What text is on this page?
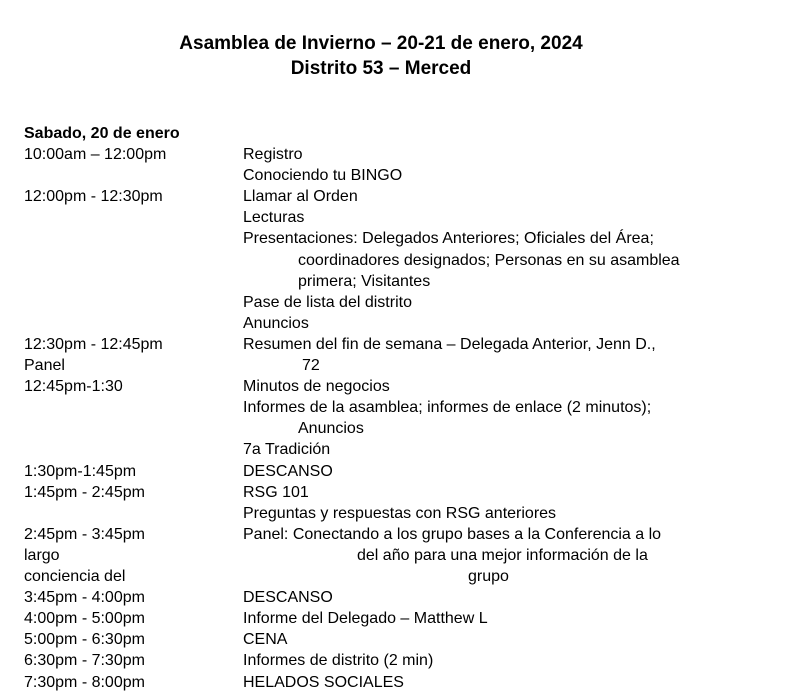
Asamblea de Invierno – 20-21 de enero, 2024
Distrito 53 – Merced
Sabado, 20 de enero
10:00am – 12:00pm	Registro
Conociendo tu BINGO
12:00pm - 12:30pm	Llamar al Orden
Lecturas
Presentaciones: Delegados Anteriores; Oficiales del Área;
coordinadores designados; Personas en su asamblea
primera; Visitantes
Pase de lista del distrito
Anuncios
12:30pm - 12:45pm	Resumen del fin de semana – Delegada Anterior, Jenn D.,
Panel	72
12:45pm-1:30	Minutos de negocios
Informes de la asamblea; informes de enlace (2 minutos);
Anuncios
7a Tradición
1:30pm-1:45pm	DESCANSO
1:45pm - 2:45pm	RSG 101
Preguntas y respuestas con RSG anteriores
2:45pm - 3:45pm	Panel: Conectando a los grupo bases a la Conferencia a lo
largo	del año para una mejor información de la
conciencia del	grupo
3:45pm - 4:00pm	DESCANSO
4:00pm - 5:00pm	Informe del Delegado – Matthew L
5:00pm - 6:30pm	CENA
6:30pm - 7:30pm	Informes de distrito (2 min)
7:30pm - 8:00pm	HELADOS SOCIALES
